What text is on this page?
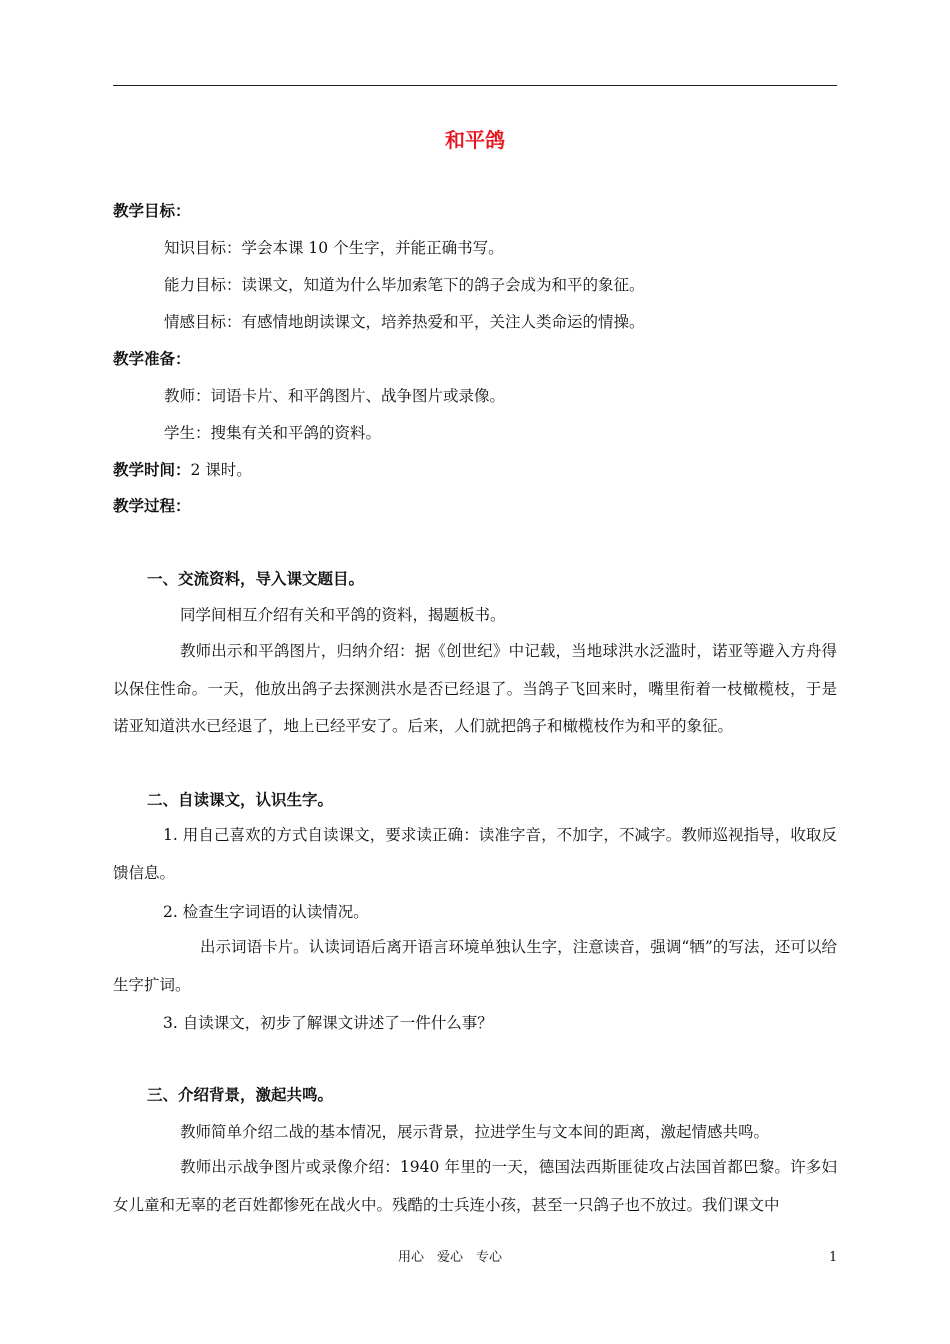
和平鸽
教学目标：
知识目标：学会本课 10 个生字，并能正确书写。
能力目标：读课文，知道为什么毕加索笔下的鸽子会成为和平的象征。
情感目标：有感情地朗读课文，培养热爱和平，关注人类命运的情操。
教学准备：
教师：词语卡片、和平鸽图片、战争图片或录像。
学生：搜集有关和平鸽的资料。
教学时间：2 课时。
教学过程：
一、交流资料，导入课文题目。
同学间相互介绍有关和平鸽的资料，揭题板书。
教师出示和平鸽图片，归纳介绍：据《创世纪》中记载，当地球洪水泛滥时，诺亚等避入方舟得以保住性命。一天，他放出鸽子去探测洪水是否已经退了。当鸽子飞回来时，嘴里衔着一枝橄榄枝，于是诺亚知道洪水已经退了，地上已经平安了。后来，人们就把鸽子和橄榄枝作为和平的象征。
二、自读课文，认识生字。
1. 用自己喜欢的方式自读课文，要求读正确：读准字音，不加字，不减字。教师巡视指导，收取反馈信息。
2. 检查生字词语的认读情况。
出示词语卡片。认读词语后离开语言环境单独认生字，注意读音，强调“牺”的写法，还可以给生字扩词。
3. 自读课文，初步了解课文讲述了一件什么事？
三、介绍背景，激起共鸣。
教师简单介绍二战的基本情况，展示背景，拉进学生与文本间的距离，激起情感共鸣。
教师出示战争图片或录像介绍：1940 年里的一天，德国法西斯匪徒攻占法国首都巴黎。许多妇女儿童和无辜的老百姓都惨死在战火中。残酷的士兵连小孩，甚至一只鸽子也不放过。我们课文中
用心　爱心　专心	1
